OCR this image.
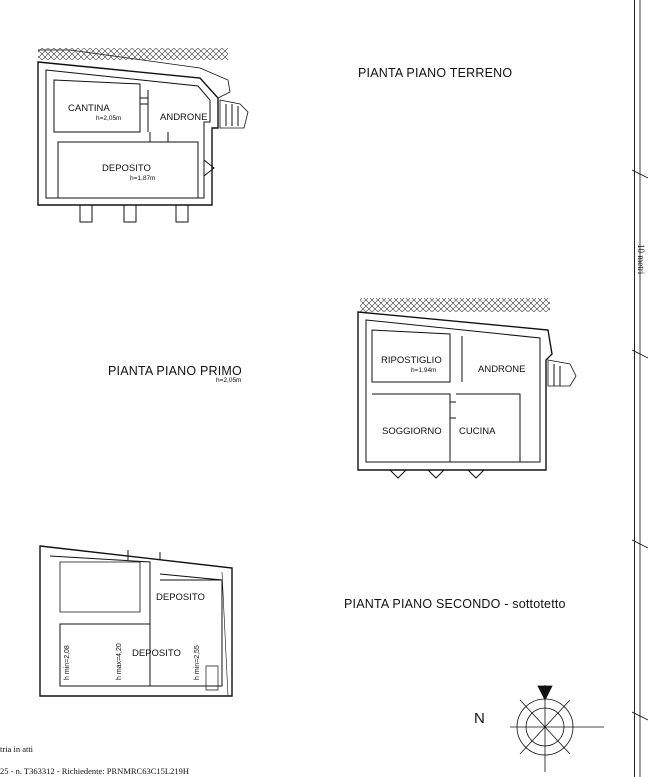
PIANTA PIANO TERRENO
CANTINA
h=2,05m	ANDRONE
DEPOSITO
h=1,87m
PIANTA PIANO PRIMO
h=2,05m
RIPOSTIGLIO
h=1,94m	ANDRONE
SOGGIORNO CUCINA
PIANTA PIANO SECONDO - sottotetto
DEPOSITO
DEPOSITO
h min=2,08	h max=4,20	h min=2,55
N
10 metri
tria in atti
25 - n. T363312 - Richiedente: PRNMRC63C15L219H
